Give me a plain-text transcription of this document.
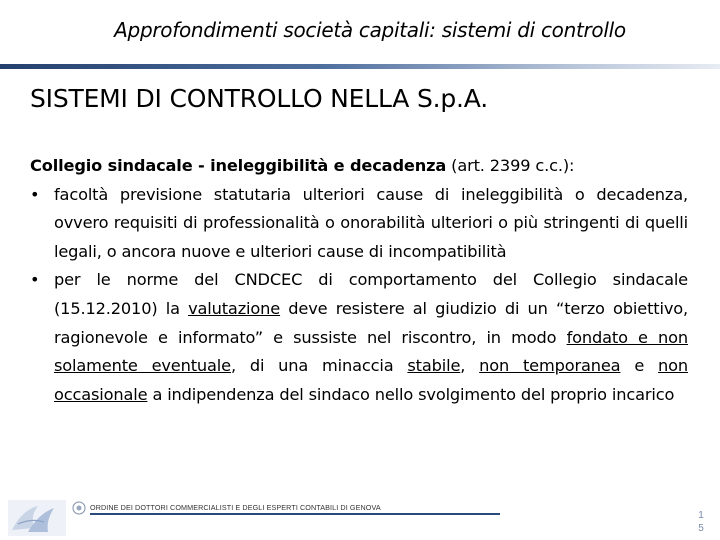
Approfondimenti società capitali: sistemi di controllo
SISTEMI DI CONTROLLO NELLA S.p.A.

Collegio sindacale - ineleggibilità e decadenza (art. 2399 c.c.):

• facoltà previsione statutaria ulteriori cause di ineleggibilità o decadenza, ovvero requisiti di professionalità o onorabilità ulteriori o più stringenti di quelli legali, o ancora nuove e ulteriori cause di incompatibilità

• per le norme del CNDCEC di comportamento del Collegio sindacale (15.12.2010) la valutazione deve resistere al giudizio di un “terzo obiettivo, ragionevole e informato” e sussiste nel riscontro, in modo fondato e non solamente eventuale, di una minaccia stabile, non temporanea e non occasionale a indipendenza del sindaco nello svolgimento del proprio incarico

ORDINE DEI DOTTORI COMMERCIALISTI E DEGLI ESPERTI CONTABILI DI GENOVA
1
5
